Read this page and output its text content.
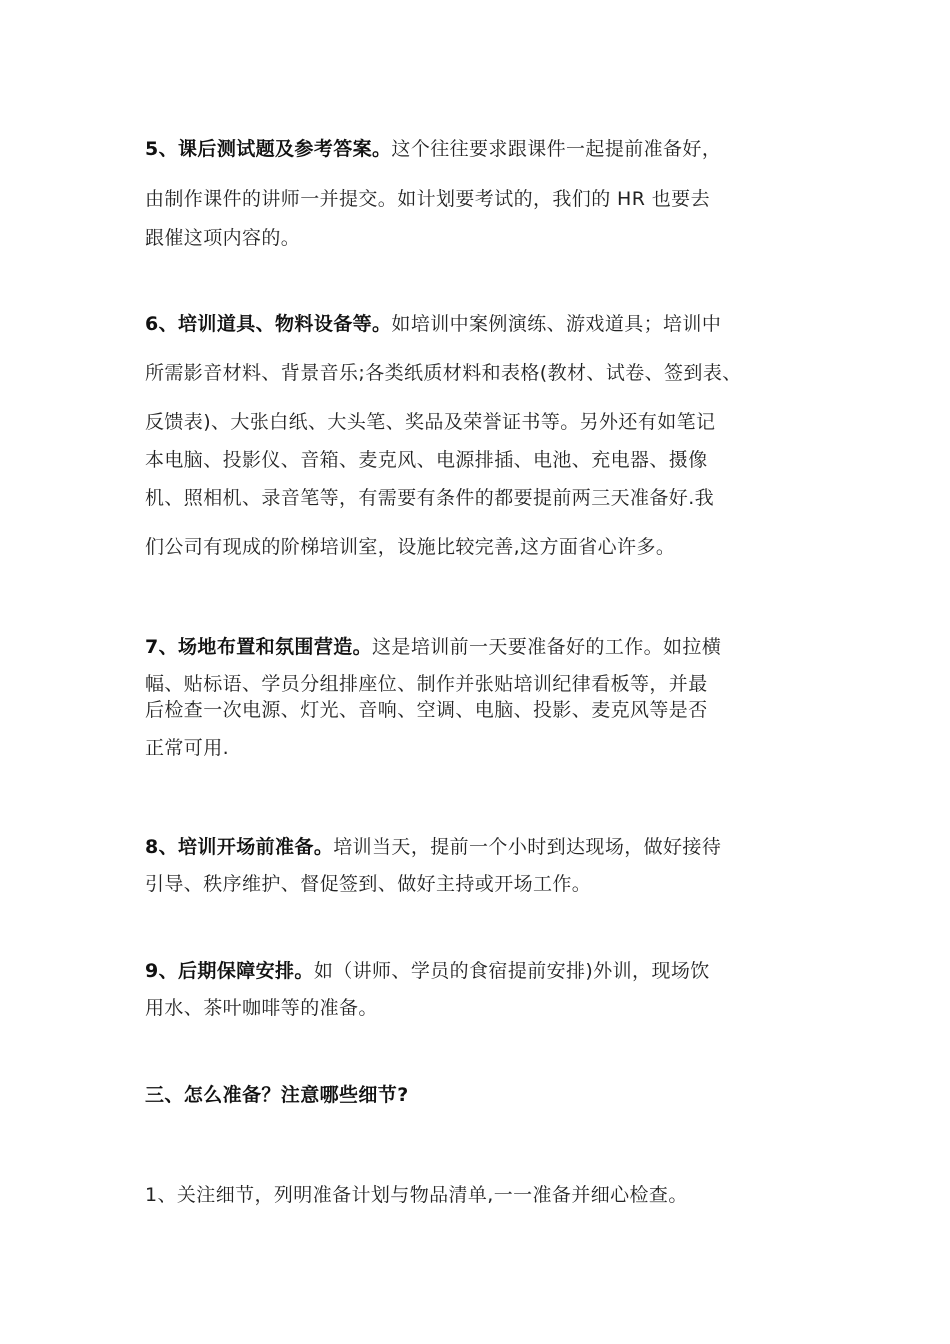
5、课后测试题及参考答案。这个往往要求跟课件一起提前准备好，
由制作课件的讲师一并提交。如计划要考试的，我们的 HR 也要去
跟催这项内容的。
6、培训道具、物料设备等。如培训中案例演练、游戏道具；培训中
所需影音材料、背景音乐;各类纸质材料和表格(教材、试卷、签到表、
反馈表)、大张白纸、大头笔、奖品及荣誉证书等。另外还有如笔记
本电脑、投影仪、音箱、麦克风、电源排插、电池、充电器、摄像
机、照相机、录音笔等，有需要有条件的都要提前两三天准备好.我
们公司有现成的阶梯培训室，设施比较完善,这方面省心许多。
7、场地布置和氛围营造。这是培训前一天要准备好的工作。如拉横
幅、贴标语、学员分组排座位、制作并张贴培训纪律看板等，并最
后检查一次电源、灯光、音响、空调、电脑、投影、麦克风等是否
正常可用.
8、培训开场前准备。培训当天，提前一个小时到达现场，做好接待
引导、秩序维护、督促签到、做好主持或开场工作。
9、后期保障安排。如（讲师、学员的食宿提前安排)外训，现场饮
用水、茶叶咖啡等的准备。
三、怎么准备？注意哪些细节?
1、关注细节，列明准备计划与物品清单,一一准备并细心检查。
